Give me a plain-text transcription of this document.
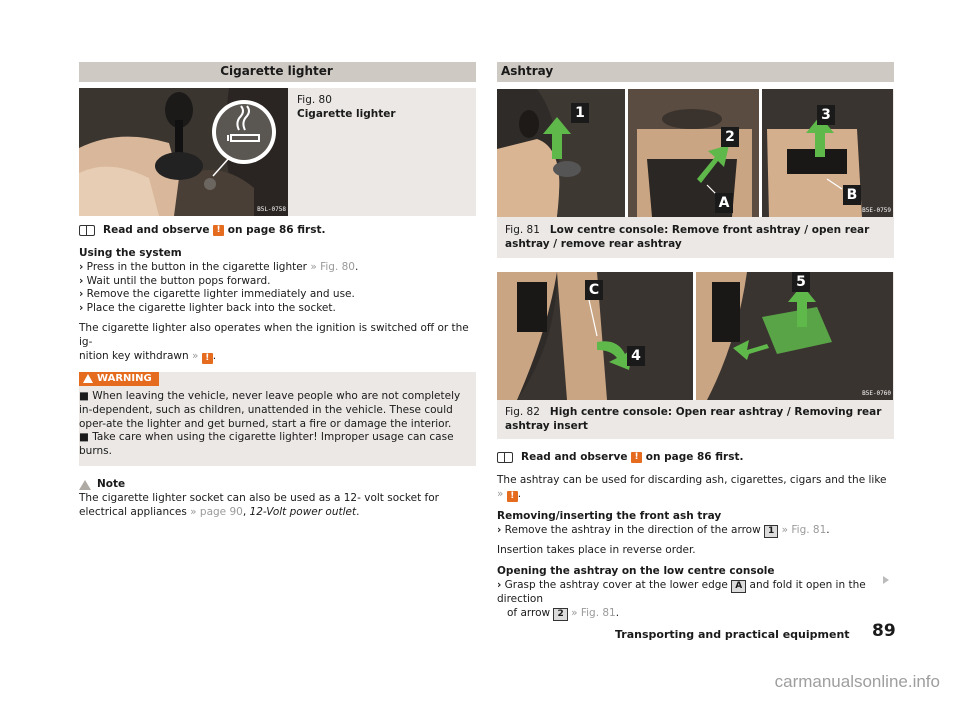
Cigarette lighter
B5L-0758
Fig. 80
Cigarette lighter
Read and observe
!
on page 86 first.
Using the system
› Press in the button in the cigarette lighter » Fig. 80.
› Wait until the button pops forward.
› Remove the cigarette lighter immediately and use.
› Place the cigarette lighter back into the socket.

The cigarette lighter also operates when the ignition is switched off or the ig-
nition key withdrawn » ! .

WARNING

■ When leaving the vehicle, never leave people who are not completely in-dependent, such as children, unattended in the vehicle. These could oper-ate the lighter and get burned, start a fire or damage the interior.

■ Take care when using the cigarette lighter! Improper usage can case burns.

Note

The cigarette lighter socket can also be used as a 12- volt socket for electrical appliances » page 90, 12-Volt power outlet.

Ashtray
1
2
A
3
B
B5E-0759
Fig. 81 Low centre console: Remove front ashtray / open rear ashtray / remove rear ashtray
C
4
5
B5E-0760
Fig. 82 High centre console: Open rear ashtray / Removing rear ashtray insert
Read and observe
!
on page 86 first.

The ashtray can be used for discarding ash, cigarettes, cigars and the like » ! .

Removing/inserting the front ash tray
› Remove the ashtray in the direction of the arrow 1 » Fig. 81.

Insertion takes place in reverse order.

Opening the ashtray on the low centre console
› Grasp the ashtray cover at the lower edge A and fold it open in the direction
of arrow 2 » Fig. 81.
Transporting and practical equipment 89
carmanualsonline.info
